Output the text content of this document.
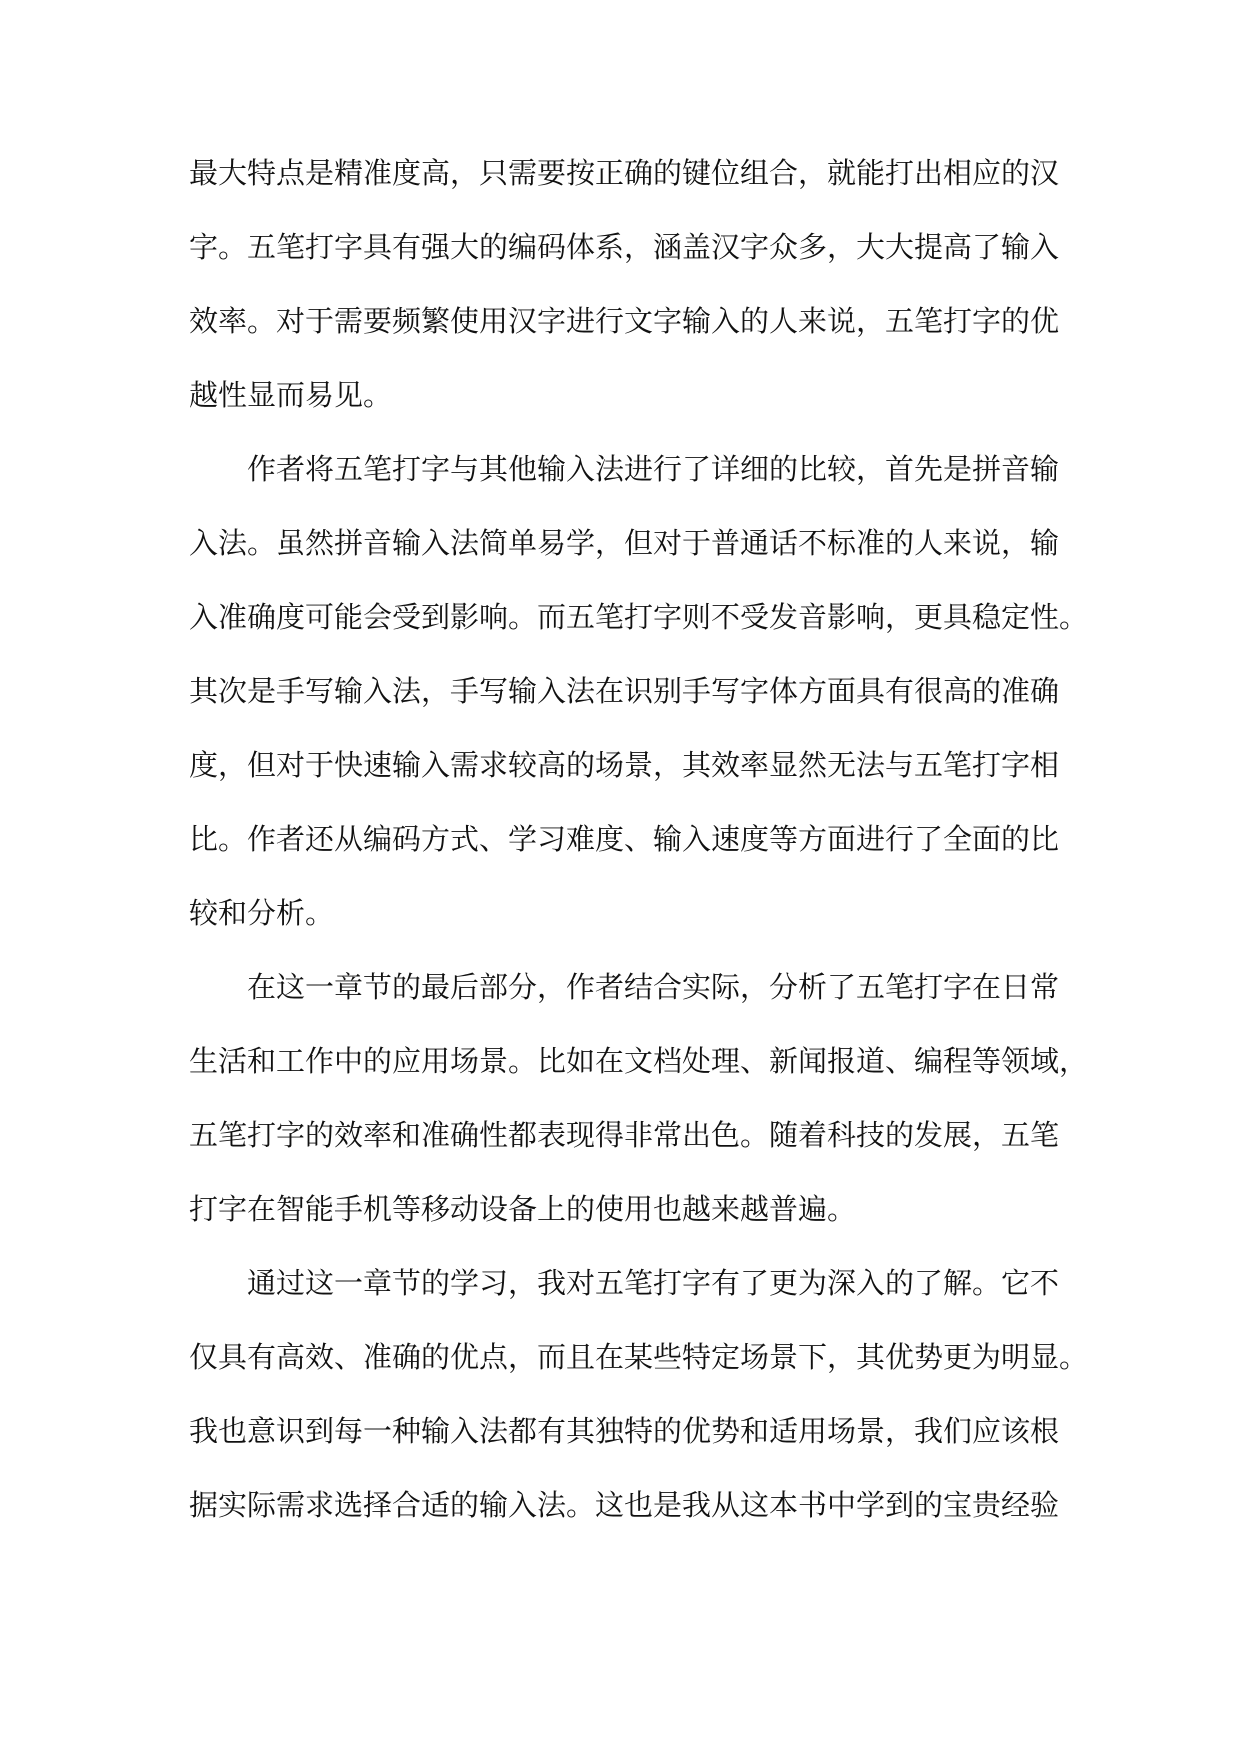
最大特点是精准度高，只需要按正确的键位组合，就能打出相应的汉
字。五笔打字具有强大的编码体系，涵盖汉字众多，大大提高了输入
效率。对于需要频繁使用汉字进行文字输入的人来说，五笔打字的优
越性显而易见。
作者将五笔打字与其他输入法进行了详细的比较，首先是拼音输
入法。虽然拼音输入法简单易学，但对于普通话不标准的人来说，输
入准确度可能会受到影响。而五笔打字则不受发音影响，更具稳定性。
其次是手写输入法，手写输入法在识别手写字体方面具有很高的准确
度，但对于快速输入需求较高的场景，其效率显然无法与五笔打字相
比。作者还从编码方式、学习难度、输入速度等方面进行了全面的比
较和分析。
在这一章节的最后部分，作者结合实际，分析了五笔打字在日常
生活和工作中的应用场景。比如在文档处理、新闻报道、编程等领域，
五笔打字的效率和准确性都表现得非常出色。随着科技的发展，五笔
打字在智能手机等移动设备上的使用也越来越普遍。
通过这一章节的学习，我对五笔打字有了更为深入的了解。它不
仅具有高效、准确的优点，而且在某些特定场景下，其优势更为明显。
我也意识到每一种输入法都有其独特的优势和适用场景，我们应该根
据实际需求选择合适的输入法。这也是我从这本书中学到的宝贵经验
